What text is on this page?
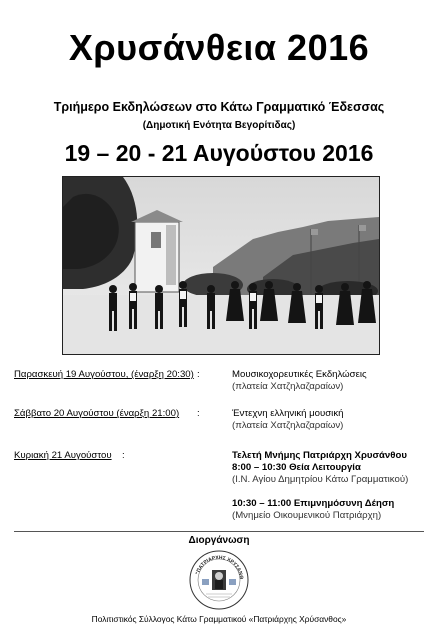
Χρυσάνθεια 2016
Τριήμερο Εκδηλώσεων στο Κάτω Γραμματικό Έδεσσας
(Δημοτική Ενότητα Βεγορίτιδας)
19 – 20 - 21 Αυγούστου 2016
Παρασκευή 19 Αυγούστου, (έναρξη 20:30) :	Μουσικοχορευτικές Εκδηλώσεις
(πλατεία Χατζηλαζαραίων)
Σάββατο 20 Αυγούστου (έναρξη 21:00) :	Έντεχνη ελληνική μουσική
(πλατεία Χατζηλαζαραίων)
Κυριακή 21 Αυγούστου :	Τελετή Μνήμης Πατριάρχη Χρυσάνθου
8:00 – 10:30 Θεία Λειτουργία
(Ι.Ν. Αγίου Δημητρίου Κάτω Γραμματικού)
10:30 – 11:00 Επιμνημόσυνη Δέηση
(Μνημείο Οικουμενικού Πατριάρχη)
Διοργάνωση
"ΠΑΤΡΙΑΡΧΗΣ ΧΡΥΣΑΝΘ
Πολιτιστικός Σύλλογος Κάτω Γραμματικού «Πατριάρχης Χρύσανθος»
